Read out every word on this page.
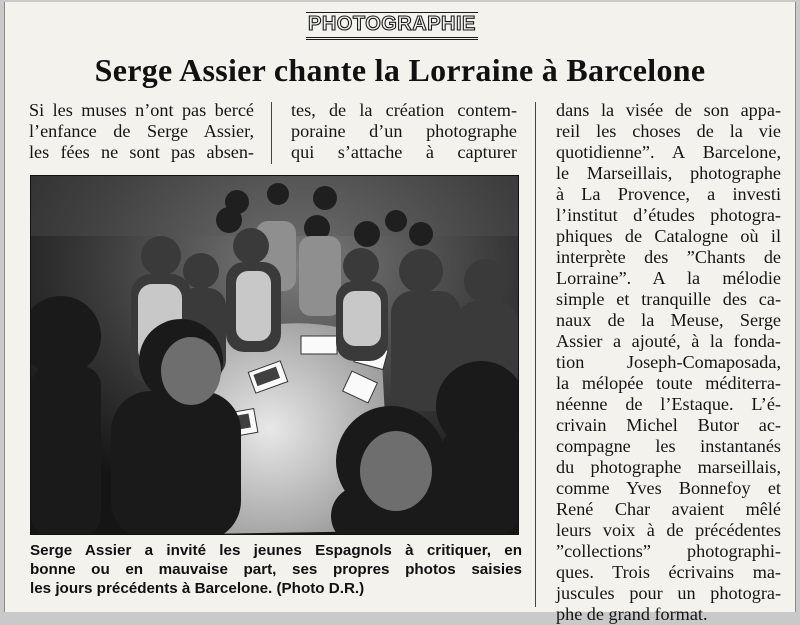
PHOTOGRAPHIE
Serge Assier chante la Lorraine à Barcelone

Si les muses n’ont pas bercé

l’enfance de Serge Assier,

les fées ne sont pas absen-

tes, de la création contem-

poraine d’un photographe

qui s’attache à capturer

dans la visée de son appa-

reil les choses de la vie

quotidienne”. A Barcelone,

le Marseillais, photographe

à La Provence, a investi

l’institut d’études photogra-

phiques de Catalogne où il

interprète des ”Chants de

Lorraine”. A la mélodie

simple et tranquille des ca-

naux de la Meuse, Serge

Assier a ajouté, à la fonda-

tion Joseph-Comaposada,

la mélopée toute méditerra-

néenne de l’Estaque. L’é-

crivain Michel Butor ac-

compagne les instantanés

du photographe marseillais,

comme Yves Bonnefoy et

René Char avaient mêlé

leurs voix à de précédentes

”collections” photographi-

ques. Trois écrivains ma-

juscules pour un photogra-

phe de grand format.

Serge Assier a invité les jeunes Espagnols à critiquer, en

bonne ou en mauvaise part, ses propres photos saisies

les jours précédents à Barcelone. (Photo D.R.)
